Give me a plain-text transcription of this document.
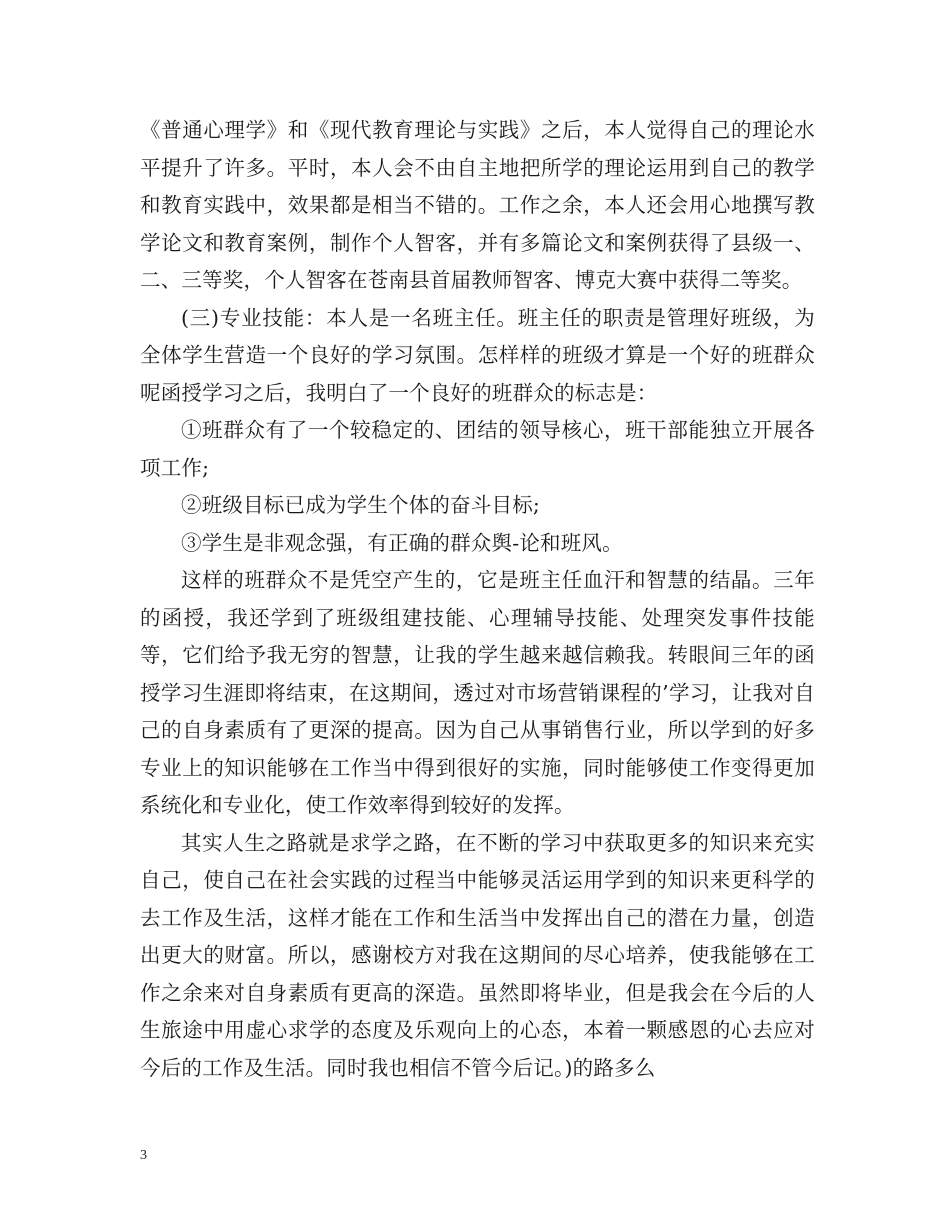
《普通心理学》和《现代教育理论与实践》之后，本人觉得自己的理论水平提升了许多。平时，本人会不由自主地把所学的理论运用到自己的教学和教育实践中，效果都是相当不错的。工作之余，本人还会用心地撰写教学论文和教育案例，制作个人智客，并有多篇论文和案例获得了县级一、二、三等奖，个人智客在苍南县首届教师智客、博克大赛中获得二等奖。

(三)专业技能：本人是一名班主任。班主任的职责是管理好班级，为全体学生营造一个良好的学习氛围。怎样样的班级才算是一个好的班群众呢函授学习之后，我明白了一个良好的班群众的标志是：

①班群众有了一个较稳定的、团结的领导核心，班干部能独立开展各项工作;

②班级目标已成为学生个体的奋斗目标;

③学生是非观念强，有正确的群众舆-论和班风。

这样的班群众不是凭空产生的，它是班主任血汗和智慧的结晶。三年的函授，我还学到了班级组建技能、心理辅导技能、处理突发事件技能等，它们给予我无穷的智慧，让我的学生越来越信赖我。转眼间三年的函授学习生涯即将结束，在这期间，透过对市场营销课程的’学习，让我对自己的自身素质有了更深的提高。因为自己从事销售行业，所以学到的好多专业上的知识能够在工作当中得到很好的实施，同时能够使工作变得更加系统化和专业化，使工作效率得到较好的发挥。

其实人生之路就是求学之路，在不断的学习中获取更多的知识来充实自己，使自己在社会实践的过程当中能够灵活运用学到的知识来更科学的去工作及生活，这样才能在工作和生活当中发挥出自己的潜在力量，创造出更大的财富。所以，感谢校方对我在这期间的尽心培养，使我能够在工作之余来对自身素质有更高的深造。虽然即将毕业，但是我会在今后的人生旅途中用虚心求学的态度及乐观向上的心态，本着一颗感恩的心去应对今后的工作及生活。同时我也相信不管今后记。)的路多么

3
